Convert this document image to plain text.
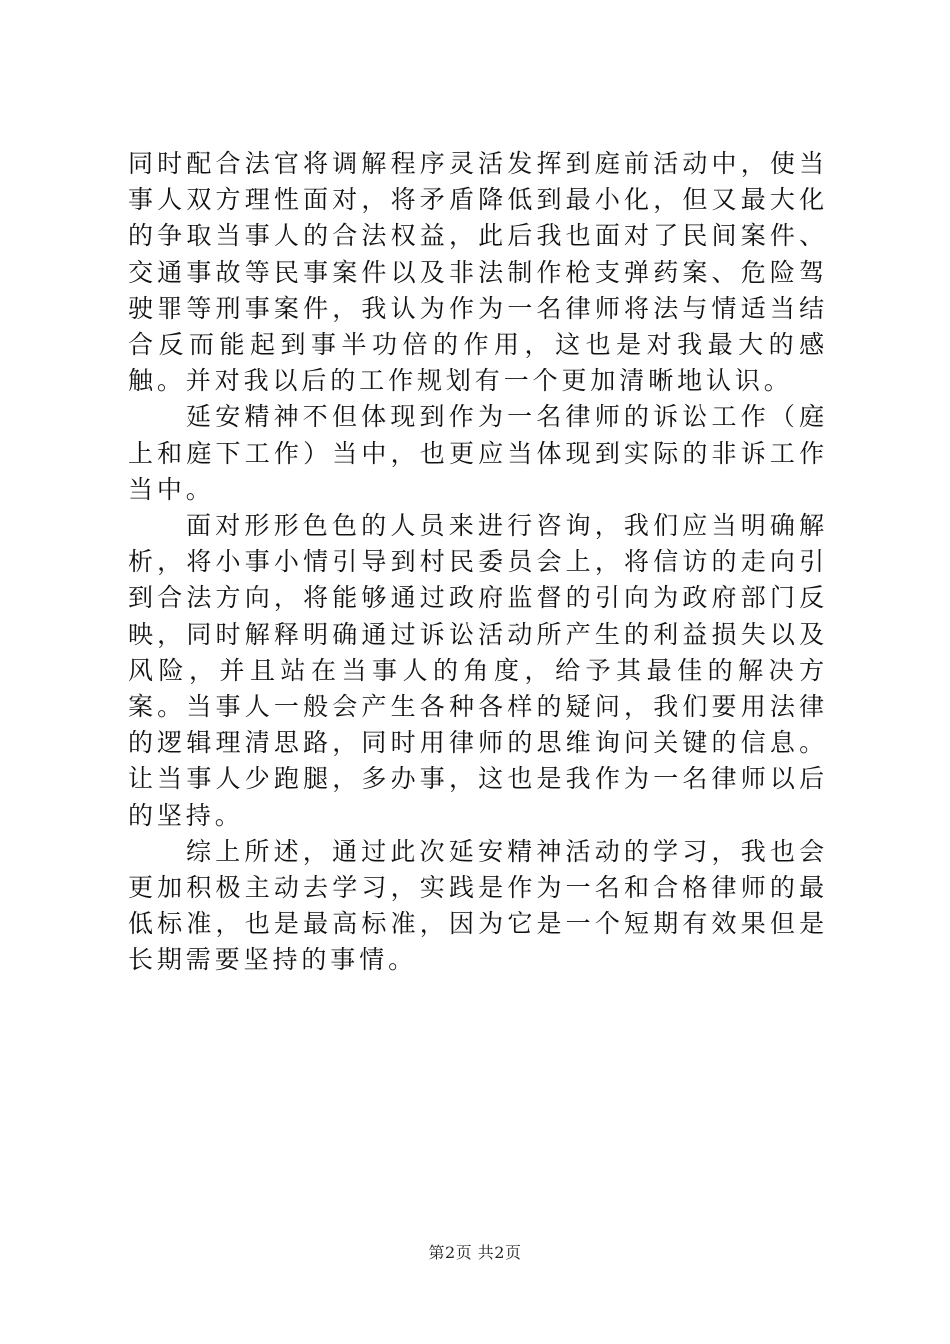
同时配合法官将调解程序灵活发挥到庭前活动中，使当事人双方理性面对，将矛盾降低到最小化，但又最大化的争取当事人的合法权益，此后我也面对了民间案件、交通事故等民事案件以及非法制作枪支弹药案、危险驾驶罪等刑事案件，我认为作为一名律师将法与情适当结合反而能起到事半功倍的作用，这也是对我最大的感触。并对我以后的工作规划有一个更加清晰地认识。

延安精神不但体现到作为一名律师的诉讼工作（庭上和庭下工作）当中，也更应当体现到实际的非诉工作当中。

面对形形色色的人员来进行咨询，我们应当明确解析，将小事小情引导到村民委员会上，将信访的走向引到合法方向，将能够通过政府监督的引向为政府部门反映，同时解释明确通过诉讼活动所产生的利益损失以及风险，并且站在当事人的角度，给予其最佳的解决方案。当事人一般会产生各种各样的疑问，我们要用法律的逻辑理清思路，同时用律师的思维询问关键的信息。让当事人少跑腿，多办事，这也是我作为一名律师以后的坚持。

综上所述，通过此次延安精神活动的学习，我也会更加积极主动去学习，实践是作为一名和合格律师的最低标准，也是最高标准，因为它是一个短期有效果但是长期需要坚持的事情。

第2页 共2页
